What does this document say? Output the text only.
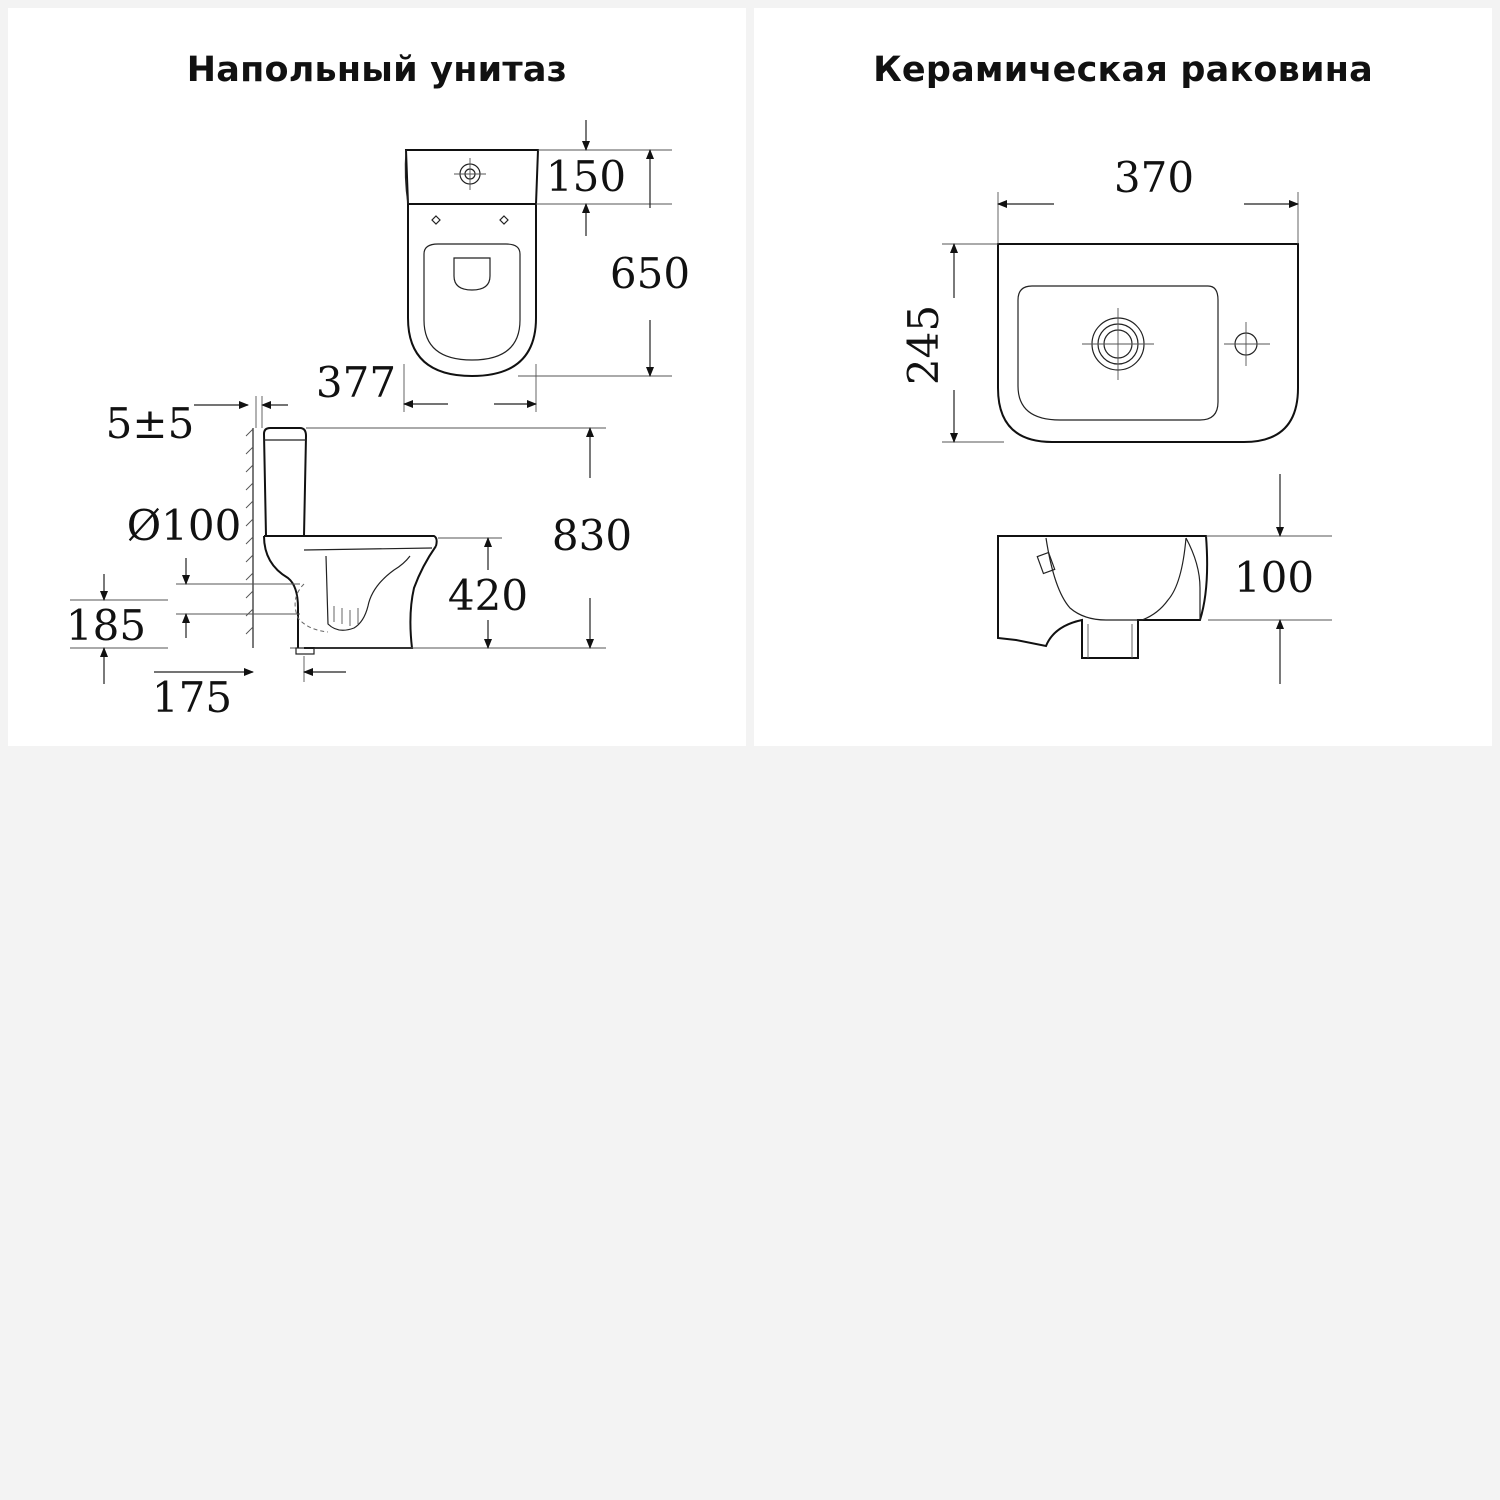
Напольный унитаз
150
650
377
5±5
830
420
Ø100
185
175
Керамическая раковина
370
245
100
